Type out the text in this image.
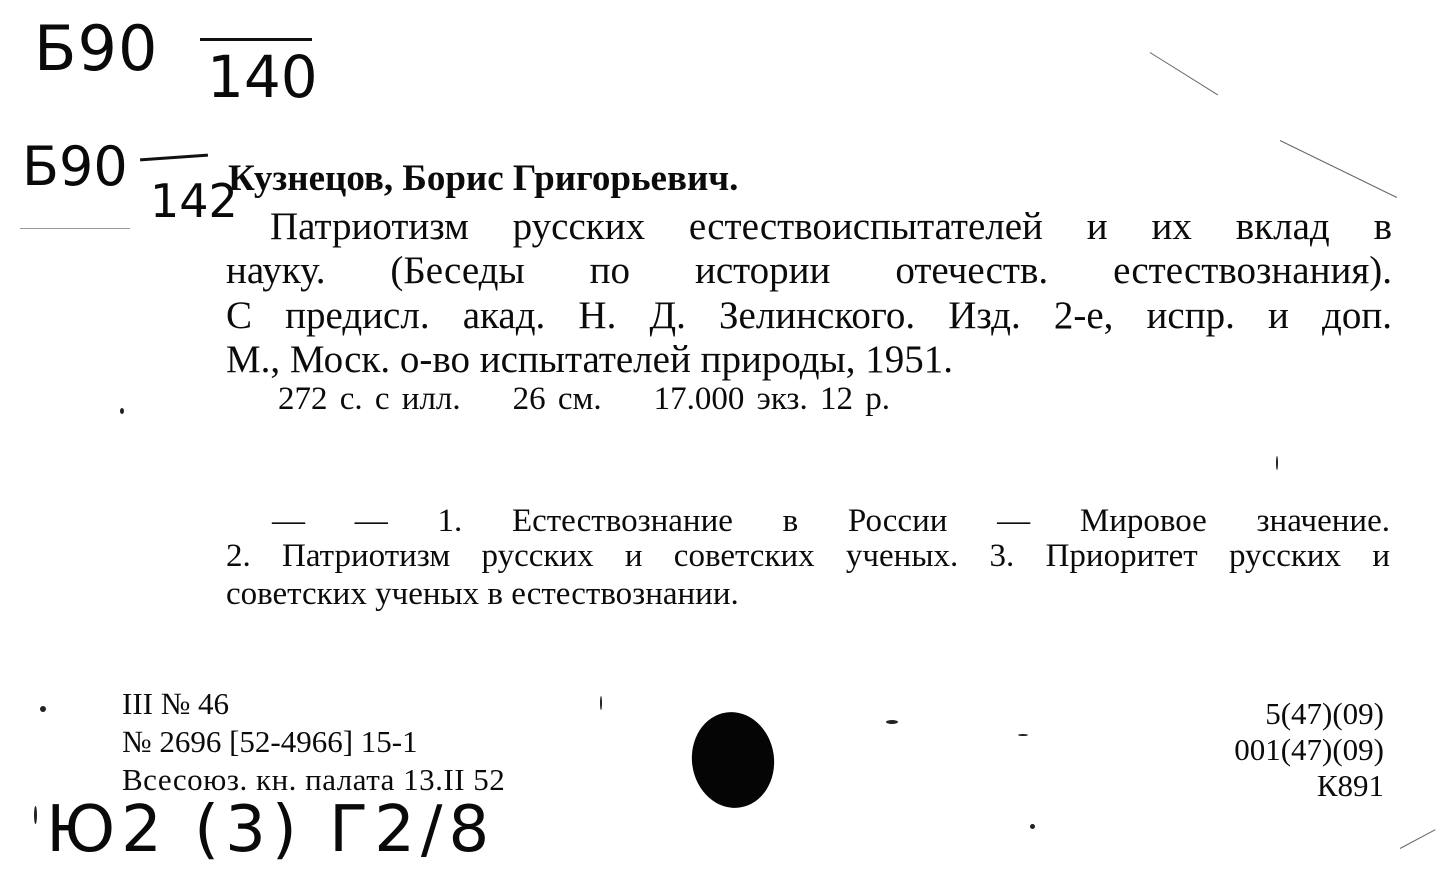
Б90 140
Б90
142
Кузнецов, Борис Григорьевич.
Патриотизм русских естествоиспытателей и их вклад в
науку. (Беседы по истории отечеств. естествознания).
С предисл. акад. Н. Д. Зелинского. Изд. 2-е, испр. и доп.
М., Моск. о-во испытателей природы, 1951.
272 с. с илл. 26 см. 17.000 экз. 12 р.
— — 1. Естествознание в России — Мировое значение.
2. Патриотизм русских и советских ученых. 3. Приоритет русских и
советских ученых в естествознании.
III № 46
№ 2696 [52-4966] 15-1
Всесоюз. кн. палата 13.II 52
5(47)(09)
001(47)(09)
К891
Ю2 (3) Г2/8
